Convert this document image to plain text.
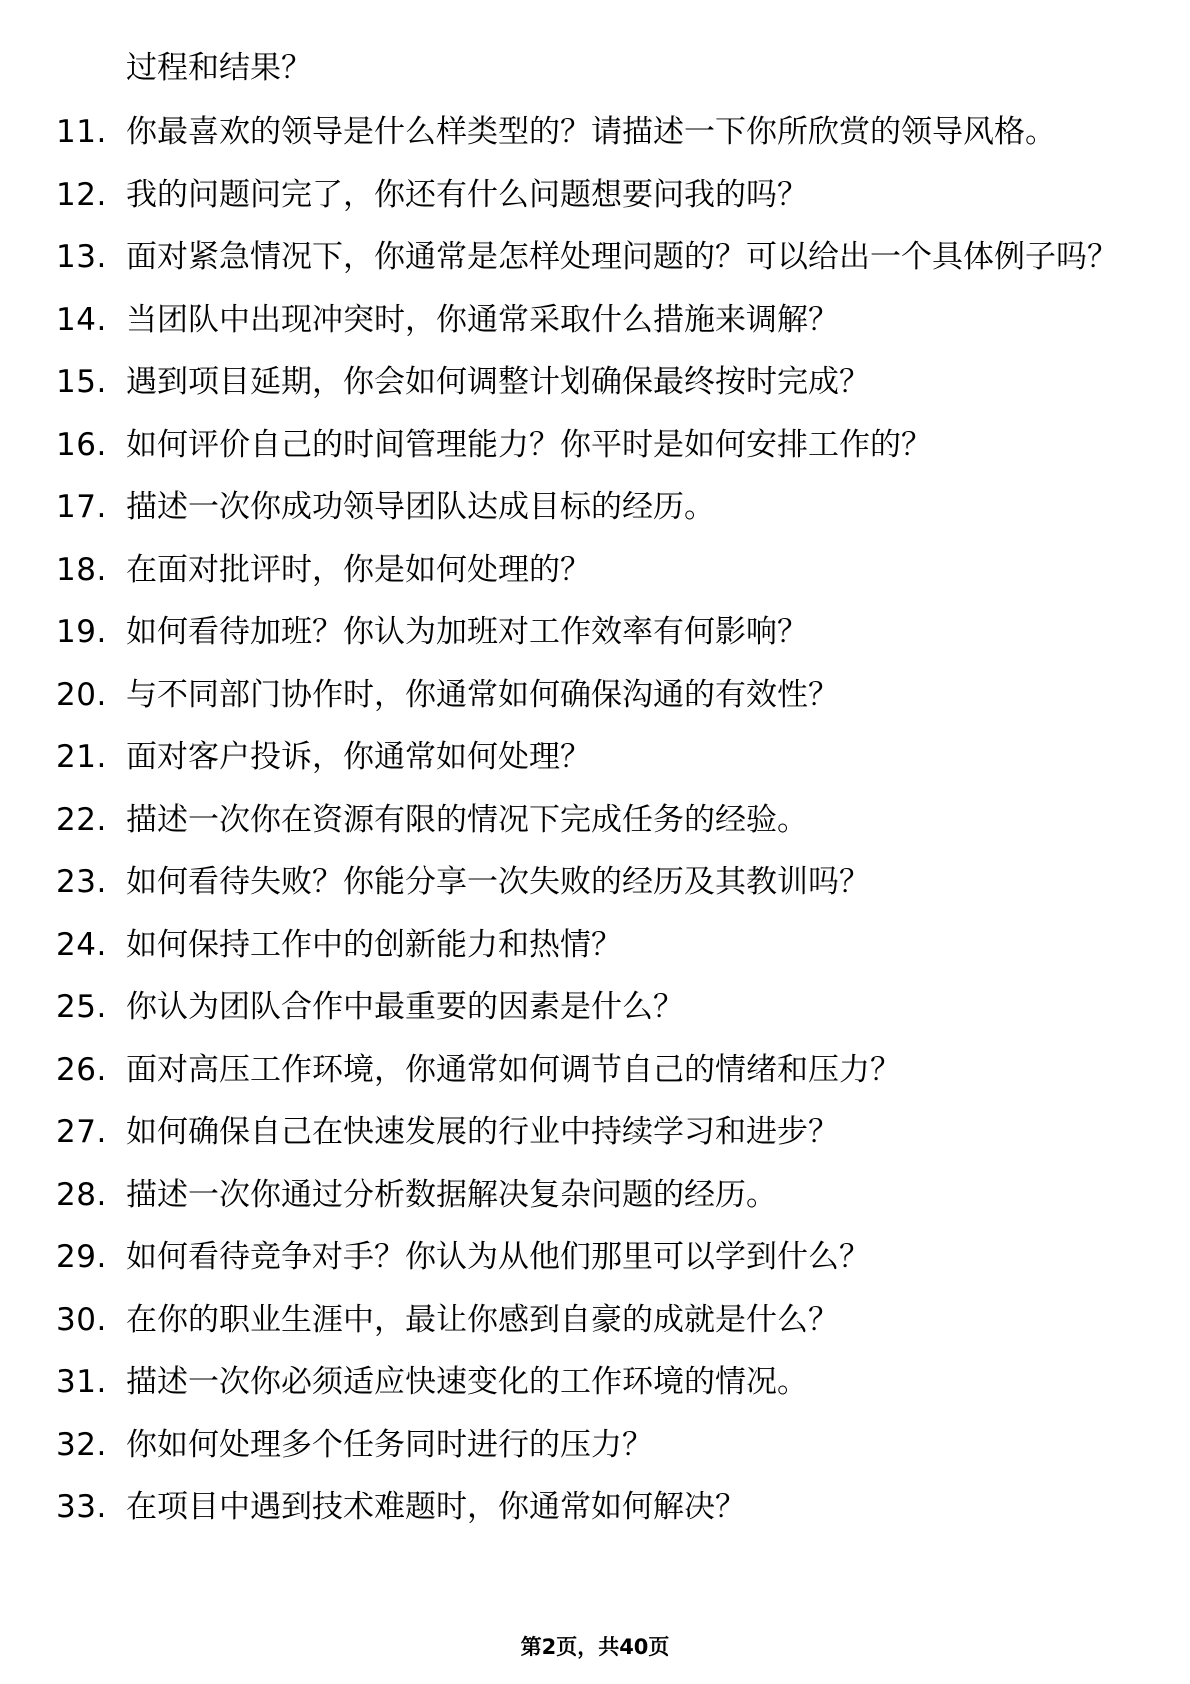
过程和结果？
11. 你最喜欢的领导是什么样类型的？请描述一下你所欣赏的领导风格。
12. 我的问题问完了，你还有什么问题想要问我的吗？
13. 面对紧急情况下，你通常是怎样处理问题的？可以给出一个具体例子吗？
14. 当团队中出现冲突时，你通常采取什么措施来调解？
15. 遇到项目延期，你会如何调整计划确保最终按时完成？
16. 如何评价自己的时间管理能力？你平时是如何安排工作的？
17. 描述一次你成功领导团队达成目标的经历。
18. 在面对批评时，你是如何处理的？
19. 如何看待加班？你认为加班对工作效率有何影响？
20. 与不同部门协作时，你通常如何确保沟通的有效性？
21. 面对客户投诉，你通常如何处理？
22. 描述一次你在资源有限的情况下完成任务的经验。
23. 如何看待失败？你能分享一次失败的经历及其教训吗？
24. 如何保持工作中的创新能力和热情？
25. 你认为团队合作中最重要的因素是什么？
26. 面对高压工作环境，你通常如何调节自己的情绪和压力？
27. 如何确保自己在快速发展的行业中持续学习和进步？
28. 描述一次你通过分析数据解决复杂问题的经历。
29. 如何看待竞争对手？你认为从他们那里可以学到什么？
30. 在你的职业生涯中，最让你感到自豪的成就是什么？
31. 描述一次你必须适应快速变化的工作环境的情况。
32. 你如何处理多个任务同时进行的压力？
33. 在项目中遇到技术难题时，你通常如何解决？
第2页，共40页
